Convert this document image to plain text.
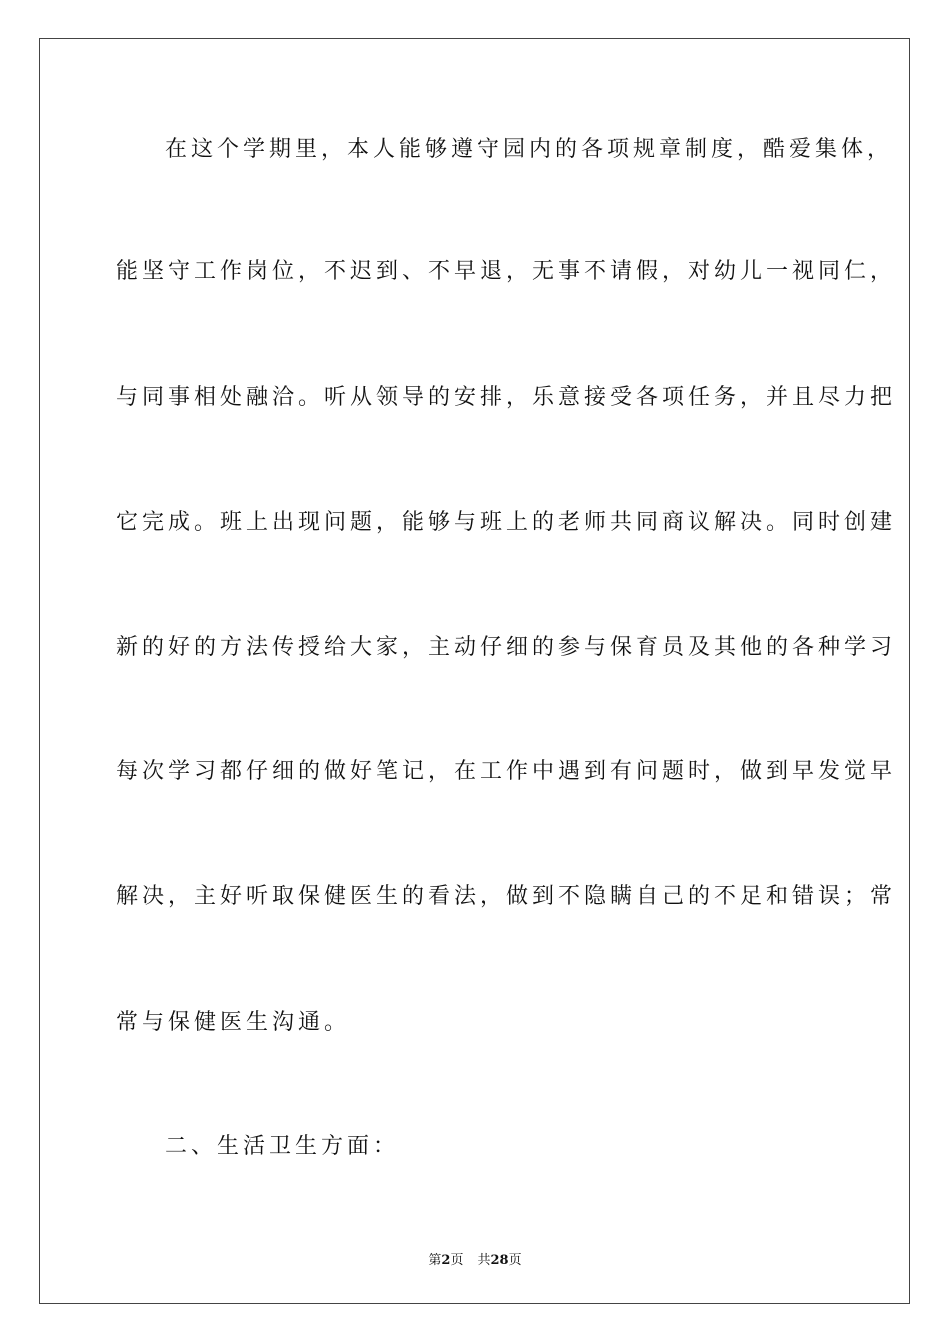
在这个学期里，本人能够遵守园内的各项规章制度，酷爱集体，
能坚守工作岗位，不迟到、不早退，无事不请假，对幼儿一视同仁，
与同事相处融洽。听从领导的安排，乐意接受各项任务，并且尽力把
它完成。班上出现问题，能够与班上的老师共同商议解决。同时创建
新的好的方法传授给大家，主动仔细的参与保育员及其他的各种学习
每次学习都仔细的做好笔记，在工作中遇到有问题时，做到早发觉早
解决，主好听取保健医生的看法，做到不隐瞒自己的不足和错误；常
常与保健医生沟通。
二、生活卫生方面：
第2页 共28页
